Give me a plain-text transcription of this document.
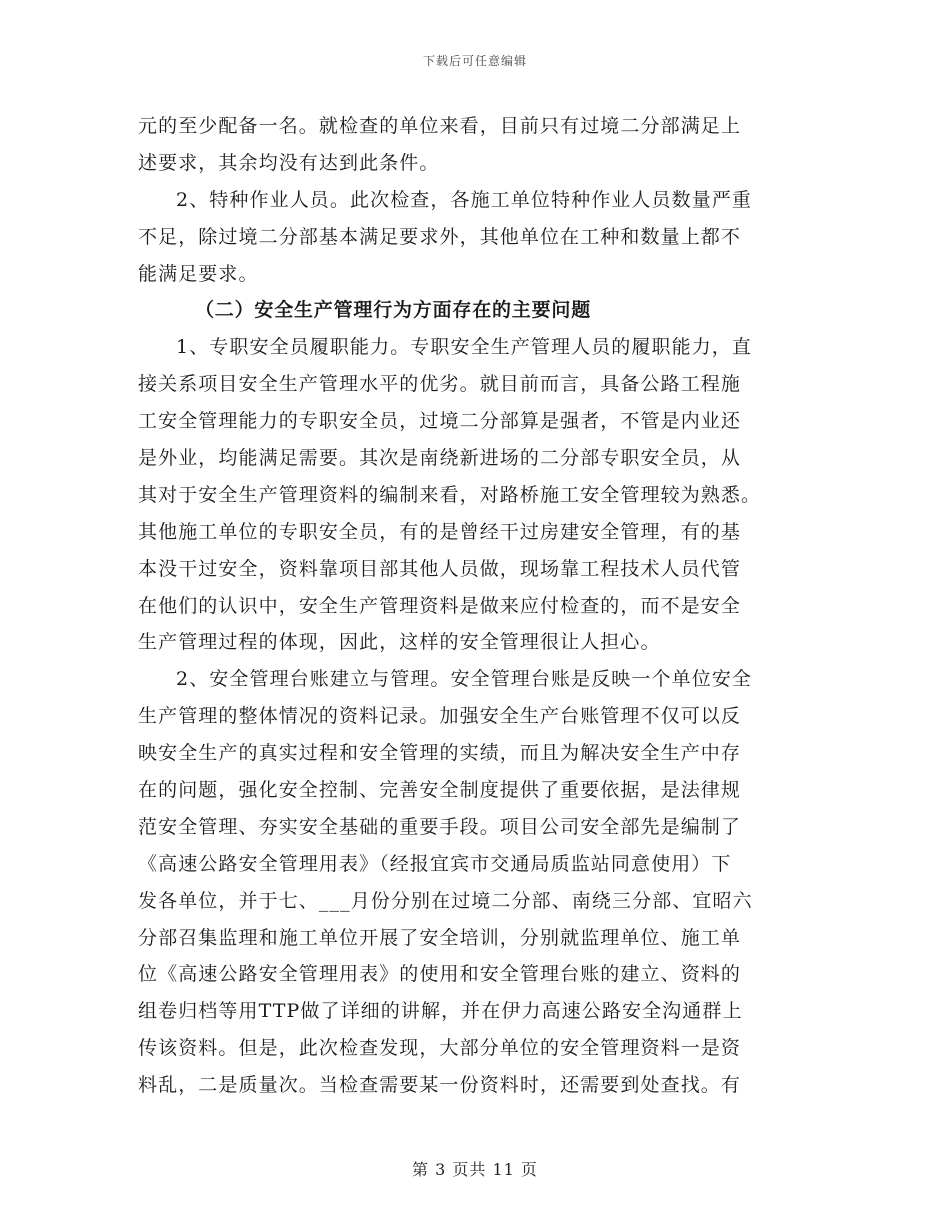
下载后可任意编辑
元的至少配备一名。就检查的单位来看，目前只有过境二分部满足上
述要求，其余均没有达到此条件。
2、特种作业人员。此次检查，各施工单位特种作业人员数量严重
不足，除过境二分部基本满足要求外，其他单位在工种和数量上都不
能满足要求。
（二）安全生产管理行为方面存在的主要问题
1、专职安全员履职能力。专职安全生产管理人员的履职能力，直
接关系项目安全生产管理水平的优劣。就目前而言，具备公路工程施
工安全管理能力的专职安全员，过境二分部算是强者，不管是内业还
是外业，均能满足需要。其次是南绕新进场的二分部专职安全员，从
其对于安全生产管理资料的编制来看，对路桥施工安全管理较为熟悉。
其他施工单位的专职安全员，有的是曾经干过房建安全管理，有的基
本没干过安全，资料靠项目部其他人员做，现场靠工程技术人员代管
在他们的认识中，安全生产管理资料是做来应付检查的，而不是安全
生产管理过程的体现，因此，这样的安全管理很让人担心。
2、安全管理台账建立与管理。安全管理台账是反映一个单位安全
生产管理的整体情况的资料记录。加强安全生产台账管理不仅可以反
映安全生产的真实过程和安全管理的实绩，而且为解决安全生产中存
在的问题，强化安全控制、完善安全制度提供了重要依据，是法律规
范安全管理、夯实安全基础的重要手段。项目公司安全部先是编制了
《高速公路安全管理用表》（经报宜宾市交通局质监站同意使用）下
发各单位，并于七、___月份分别在过境二分部、南绕三分部、宜昭六
分部召集监理和施工单位开展了安全培训，分别就监理单位、施工单
位《高速公路安全管理用表》的使用和安全管理台账的建立、资料的
组卷归档等用TTP做了详细的讲解，并在伊力高速公路安全沟通群上
传该资料。但是，此次检查发现，大部分单位的安全管理资料一是资
料乱，二是质量次。当检查需要某一份资料时，还需要到处查找。有
第 3 页共 11 页
